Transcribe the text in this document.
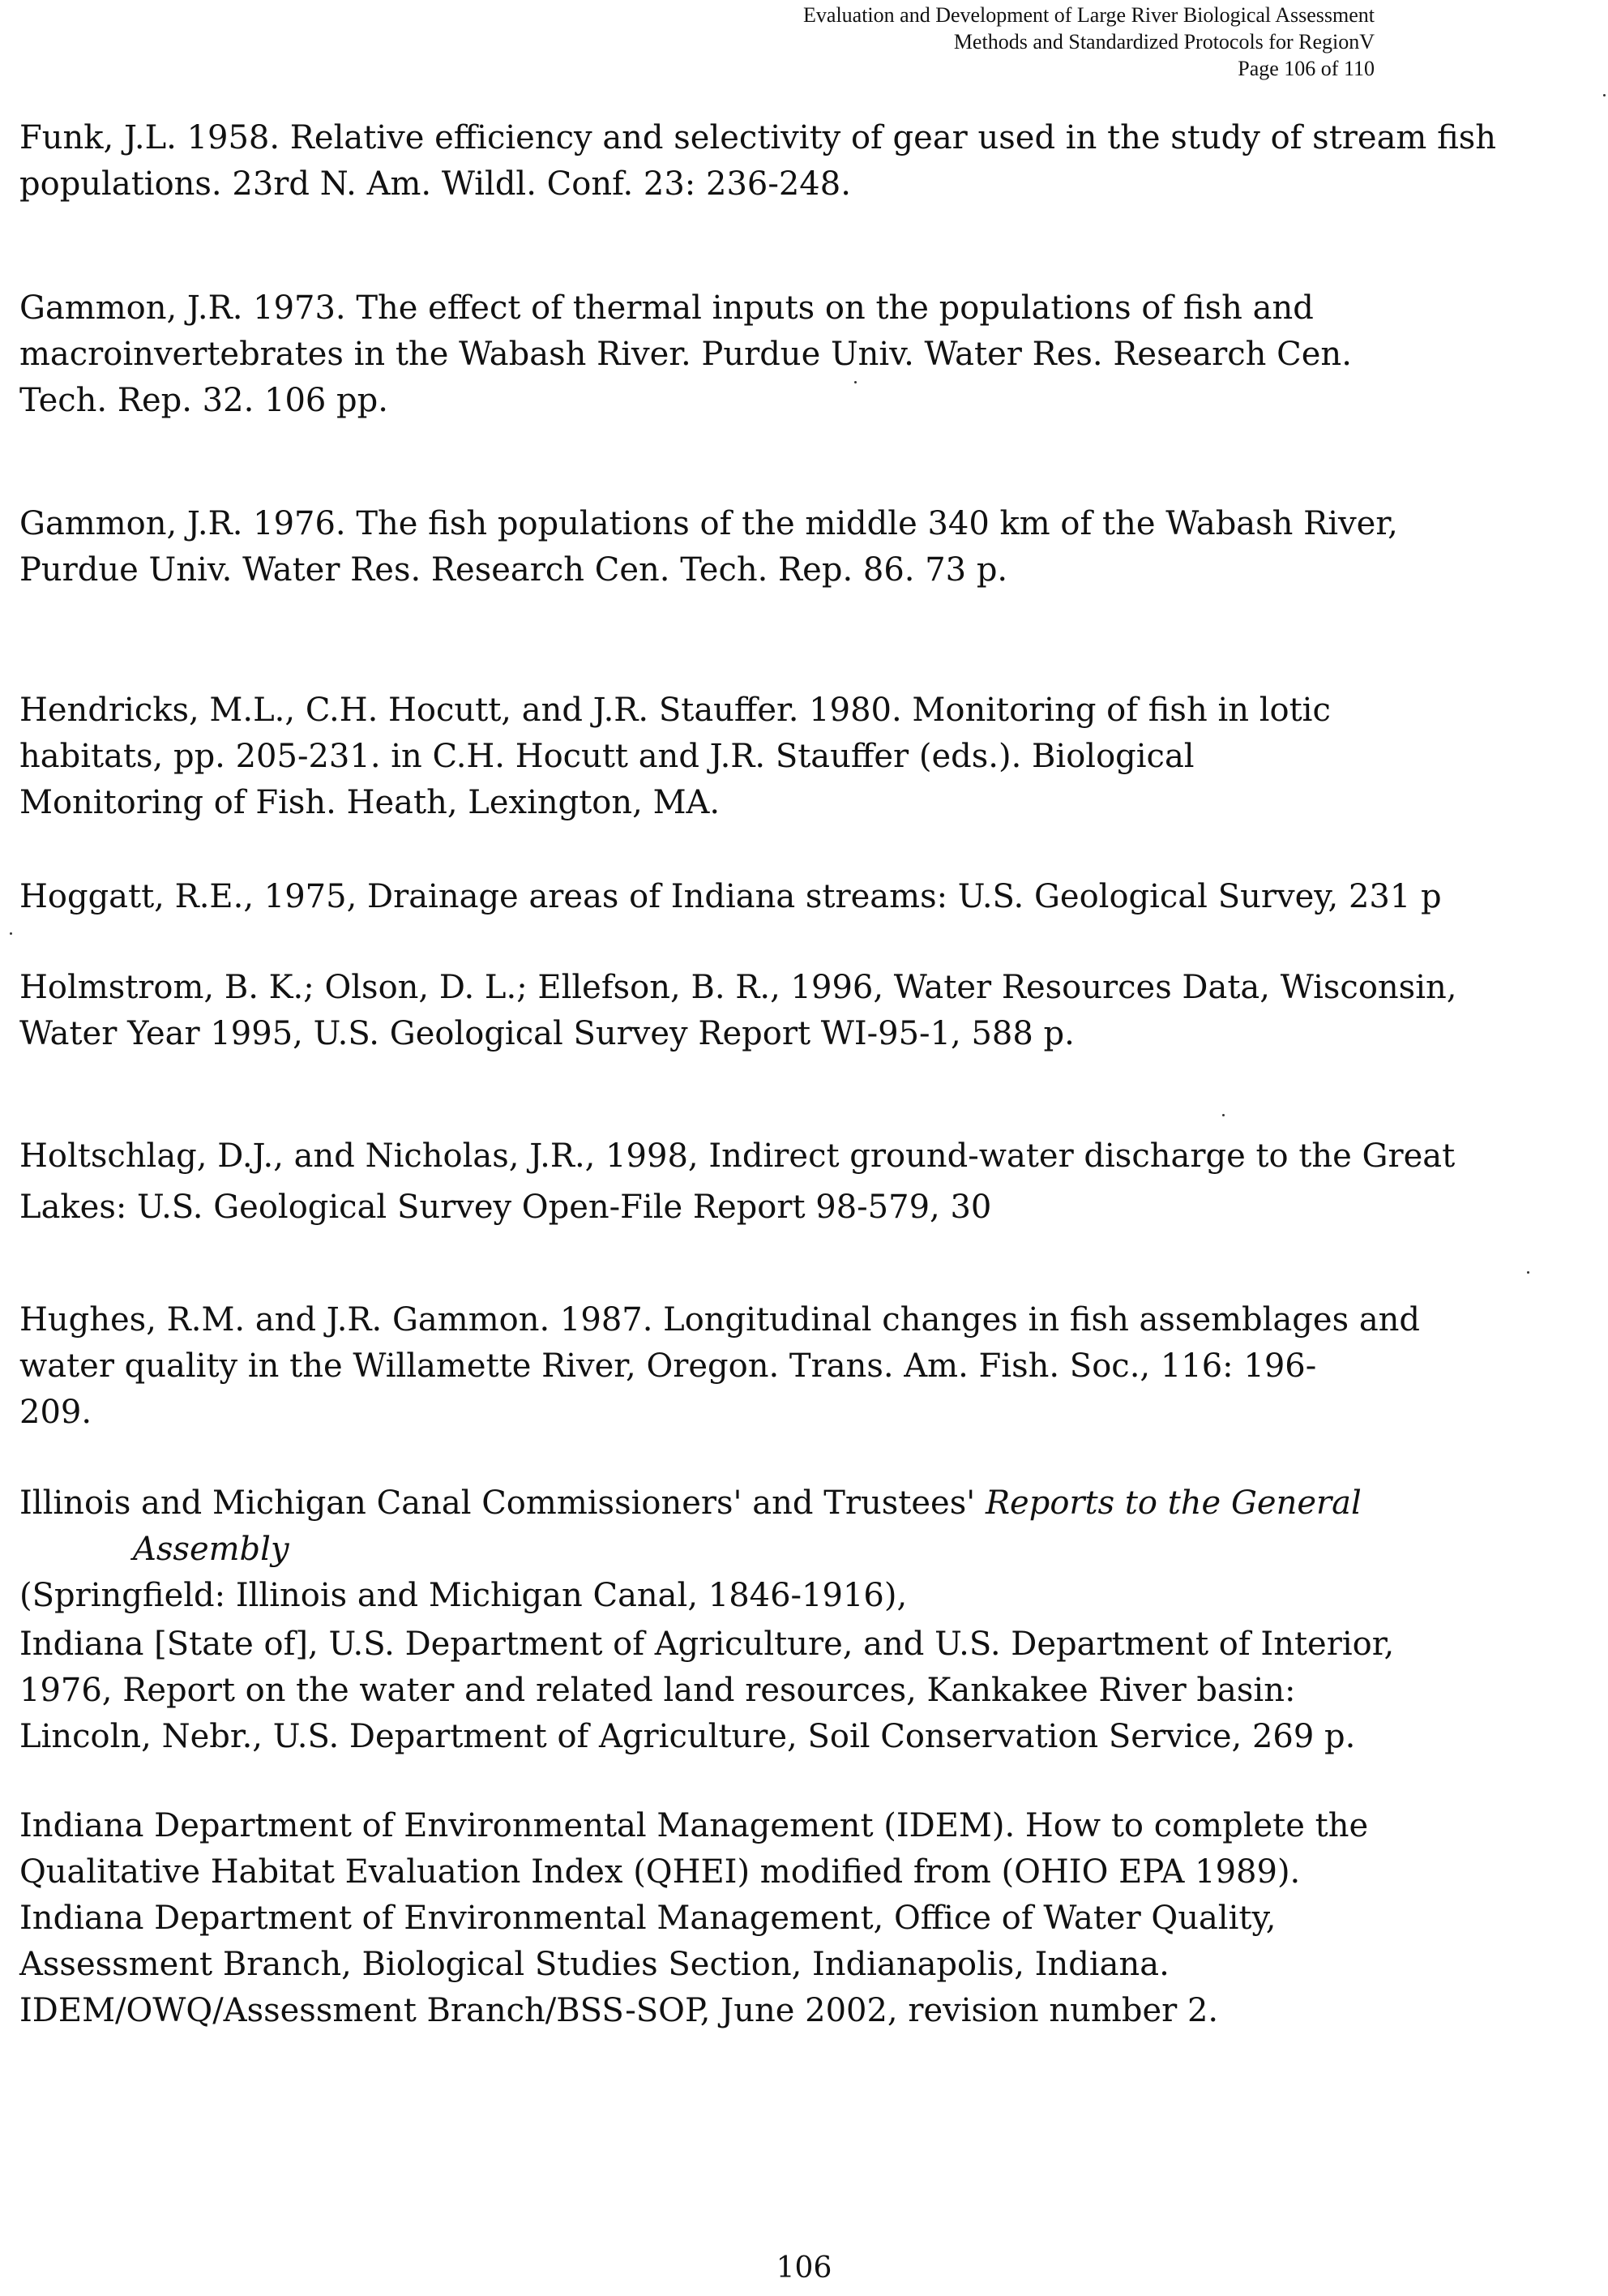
Evaluation and Development of Large River Biological Assessment
Methods and Standardized Protocols for RegionV
Page 106 of 110
Funk, J.L. 1958. Relative efficiency and selectivity of gear used in the study of stream fish
populations. 23rd N. Am. Wildl. Conf. 23: 236-248.
Gammon, J.R. 1973. The effect of thermal inputs on the populations of fish and
macroinvertebrates in the Wabash River. Purdue Univ. Water Res. Research Cen.
Tech. Rep. 32. 106 pp.
Gammon, J.R. 1976. The fish populations of the middle 340 km of the Wabash River,
Purdue Univ. Water Res. Research Cen. Tech. Rep. 86. 73 p.
Hendricks, M.L., C.H. Hocutt, and J.R. Stauffer. 1980. Monitoring of fish in lotic
habitats, pp. 205-231. in C.H. Hocutt and J.R. Stauffer (eds.). Biological
Monitoring of Fish. Heath, Lexington, MA.
Hoggatt, R.E., 1975, Drainage areas of Indiana streams: U.S. Geological Survey, 231 p
Holmstrom, B. K.; Olson, D. L.; Ellefson, B. R., 1996, Water Resources Data, Wisconsin,
Water Year 1995, U.S. Geological Survey Report WI-95-1, 588 p.
Holtschlag, D.J., and Nicholas, J.R., 1998, Indirect ground-water discharge to the Great
Lakes: U.S. Geological Survey Open-File Report 98-579, 30
Hughes, R.M. and J.R. Gammon. 1987. Longitudinal changes in fish assemblages and
water quality in the Willamette River, Oregon. Trans. Am. Fish. Soc., 116: 196-
209.
Illinois and Michigan Canal Commissioners' and Trustees' Reports to the General Assembly
(Springfield: Illinois and Michigan Canal, 1846-1916),
Indiana [State of], U.S. Department of Agriculture, and U.S. Department of Interior,
1976, Report on the water and related land resources, Kankakee River basin:
Lincoln, Nebr., U.S. Department of Agriculture, Soil Conservation Service, 269 p.
Indiana Department of Environmental Management (IDEM). How to complete the
Qualitative Habitat Evaluation Index (QHEI) modified from (OHIO EPA 1989).
Indiana Department of Environmental Management, Office of Water Quality,
Assessment Branch, Biological Studies Section, Indianapolis, Indiana.
IDEM/OWQ/Assessment Branch/BSS-SOP, June 2002, revision number 2.
106
